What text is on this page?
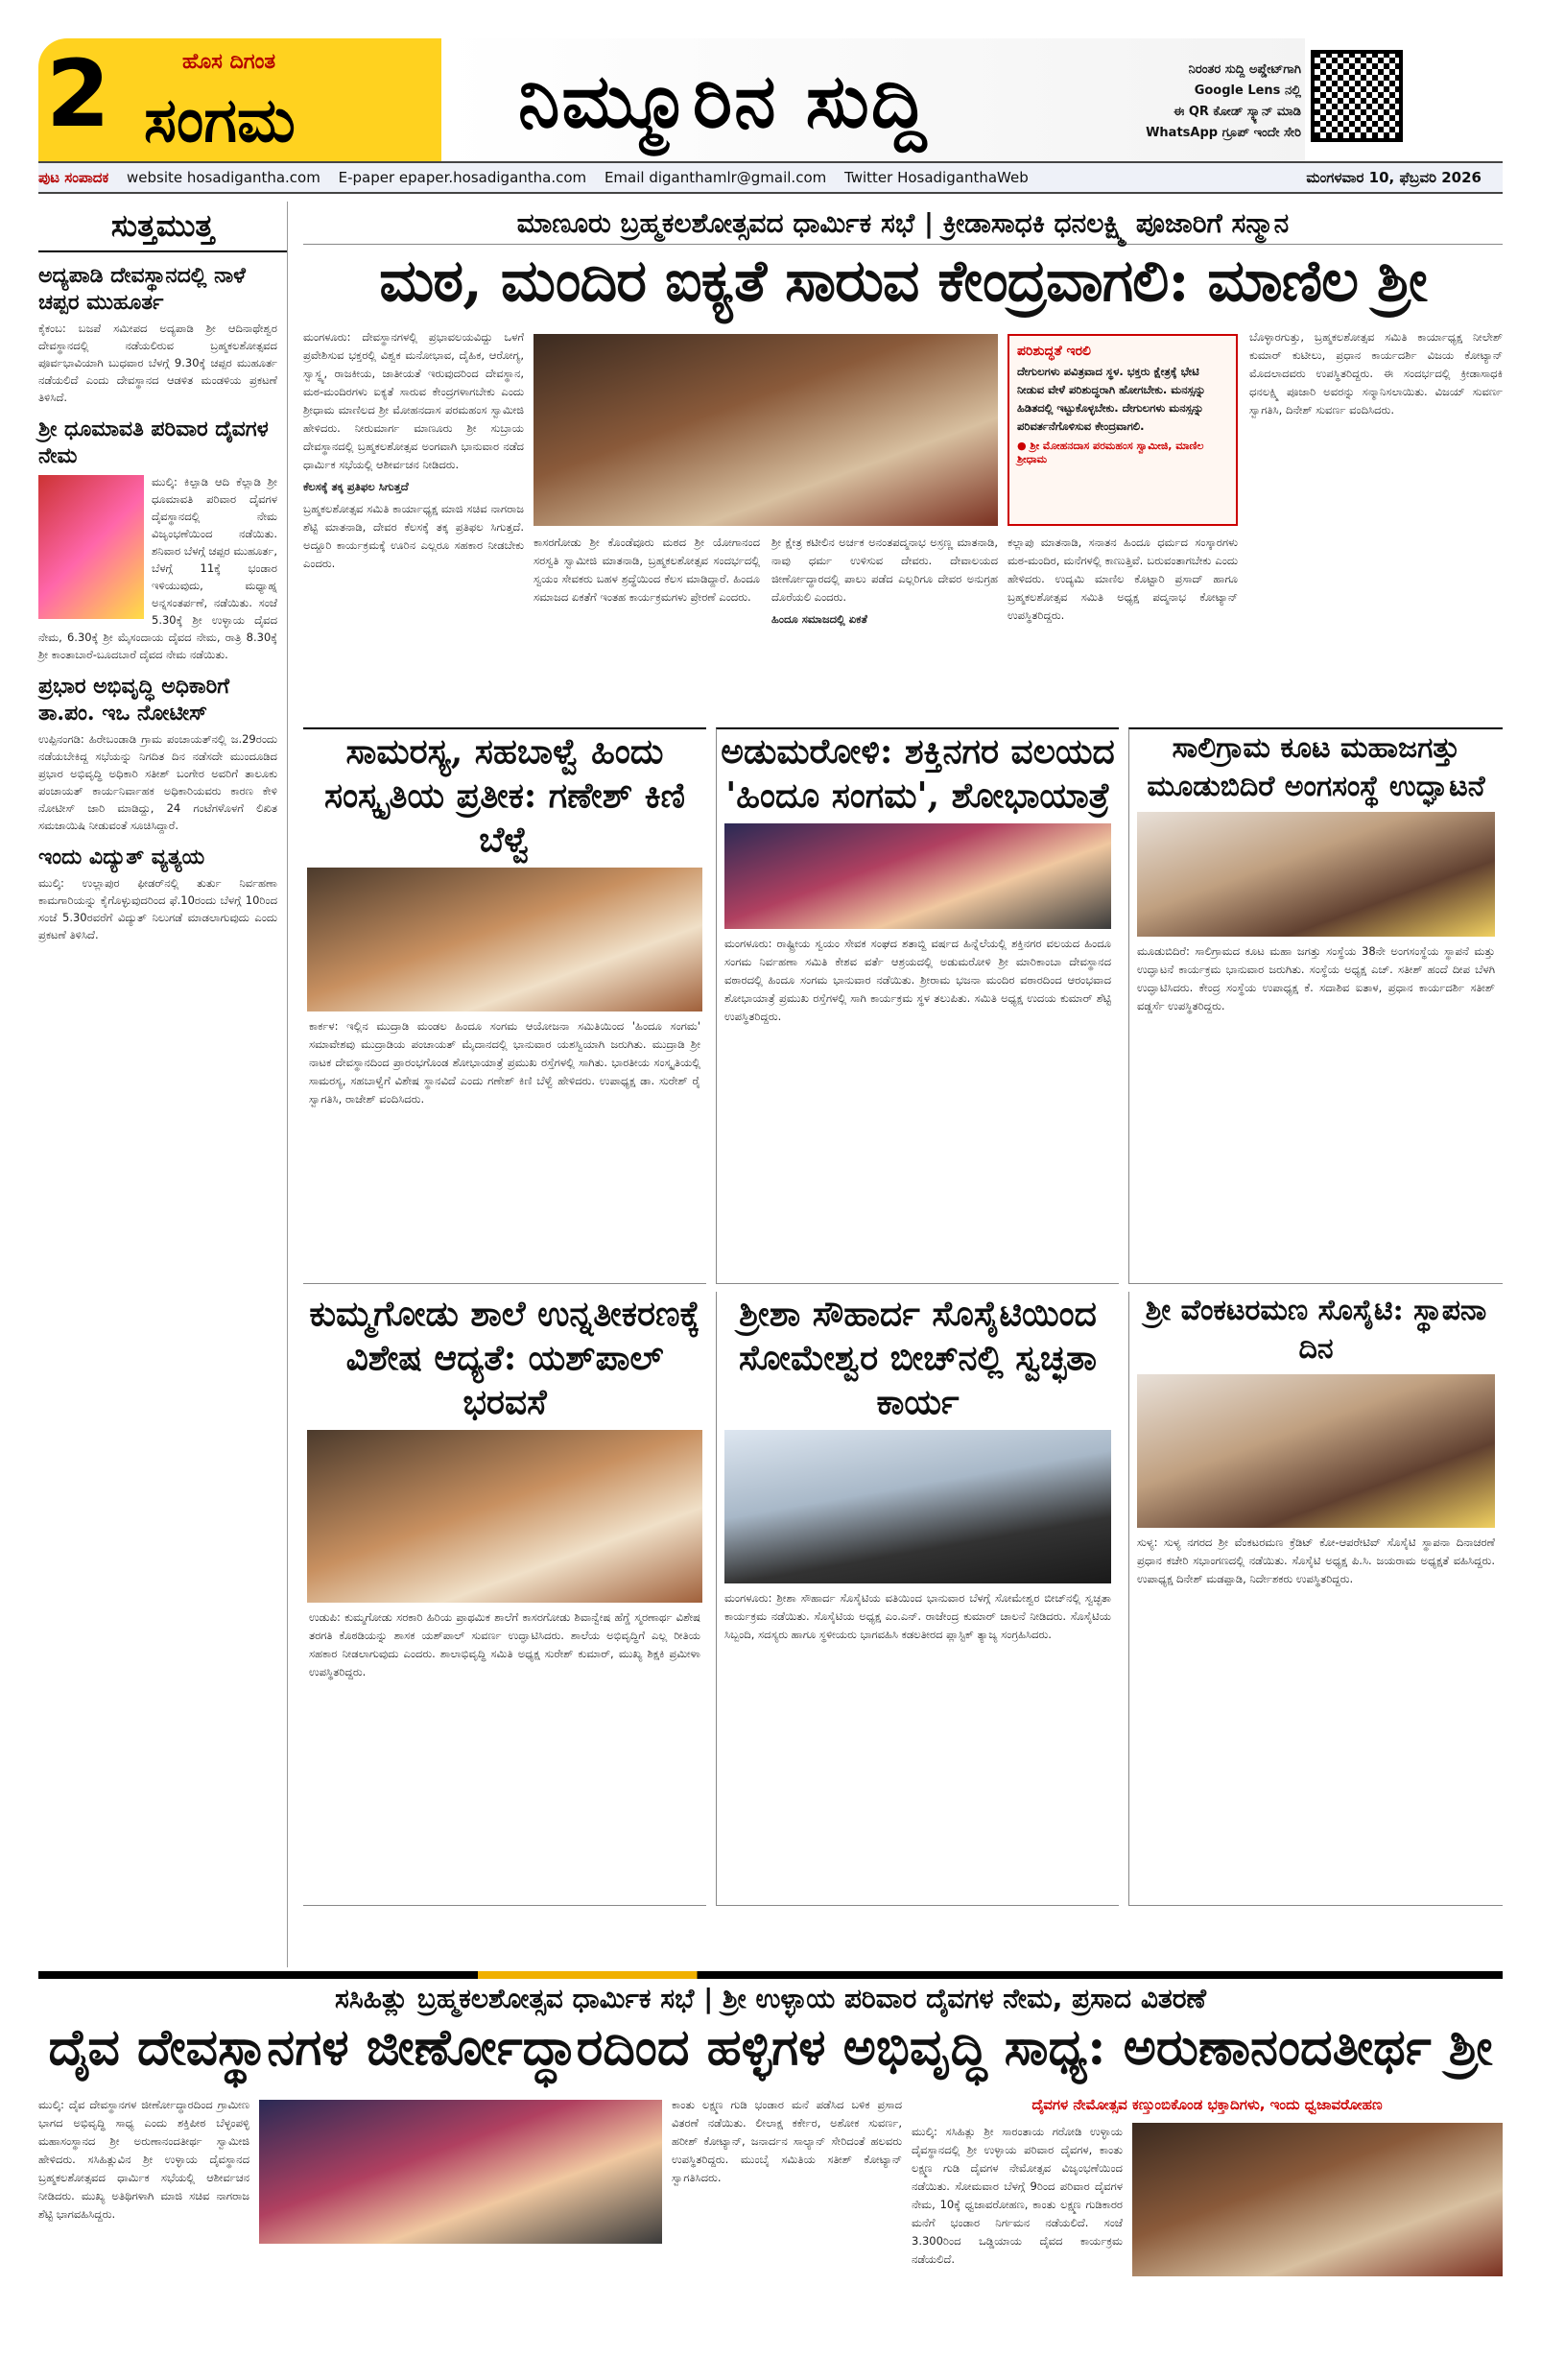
2	ಹೊಸ ದಿಗಂತ
ಸಂಗಮ	ನಿಮ್ಮೂರಿನ ಸುದ್ದಿ	ನಿರಂತರ ಸುದ್ದಿ ಅಪ್ಡೇಟ್‌ಗಾಗಿ
Google Lens ನಲ್ಲಿ
ಈ QR ಕೋಡ್ ಸ್ಕ್ಯಾನ್ ಮಾಡಿ
WhatsApp ಗ್ರೂಪ್ ಇಂದೇ ಸೇರಿ
ಪುಟ ಸಂಪಾದಕ website hosadigantha.com E-paper epaper.hosadigantha.com Email diganthamlr@gmail.com Twitter HosadiganthaWeb	ಮಂಗಳವಾರ 10, ಫೆಬ್ರವರಿ 2026
ಸುತ್ತಮುತ್ತ
ಅದ್ಯಪಾಡಿ ದೇವಸ್ಥಾನದಲ್ಲಿ ನಾಳೆ ಚಪ್ಪರ ಮುಹೂರ್ತ
ಕೈಕಂಬ: ಬಜಪೆ ಸಮೀಪದ ಅದ್ಯಪಾಡಿ ಶ್ರೀ ಆದಿನಾಥೇಶ್ವರ ದೇವಸ್ಥಾನದಲ್ಲಿ ನಡೆಯಲಿರುವ ಬ್ರಹ್ಮಕಲಶೋತ್ಸವದ ಪೂರ್ವಭಾವಿಯಾಗಿ ಬುಧವಾರ ಬೆಳಗ್ಗೆ 9.30ಕ್ಕೆ ಚಪ್ಪರ ಮುಹೂರ್ತ ನಡೆಯಲಿದೆ ಎಂದು ದೇವಸ್ಥಾನದ ಆಡಳಿತ ಮಂಡಳಿಯ ಪ್ರಕಟಣೆ ತಿಳಿಸಿದೆ.
ಶ್ರೀ ಧೂಮಾವತಿ ಪರಿವಾರ ದೈವಗಳ ನೇಮ
ಮುಲ್ಕಿ: ಕಿಲ್ಪಾಡಿ ಆದಿ ಕೆಲ್ಲಾಡಿ ಶ್ರೀ ಧೂಮಾವತಿ ಪರಿವಾರ ದೈವಗಳ ದೈವಸ್ಥಾನದಲ್ಲಿ ನೇಮ ವಿಜೃಂಭಣೆಯಿಂದ ನಡೆಯಿತು. ಶನಿವಾರ ಬೆಳಗ್ಗೆ ಚಪ್ಪರ ಮುಹೂರ್ತ, ಬೆಳಗ್ಗೆ 11ಕ್ಕೆ ಭಂಡಾರ ಇಳಿಯುವುದು, ಮಧ್ಯಾಹ್ನ ಅನ್ನಸಂತರ್ಪಣೆ, ನಡೆಯಿತು. ಸಂಜೆ 5.30ಕ್ಕೆ ಶ್ರೀ ಉಳ್ಳಾಯ ದೈವದ ನೇಮ, 6.30ಕ್ಕೆ ಶ್ರೀ ಮೈಸಂದಾಯ ದೈವದ ನೇಮ, ರಾತ್ರಿ 8.30ಕ್ಕೆ ಶ್ರೀ ಕಾಂತಾಬಾರೆ-ಬೂದಬಾರೆ ದೈವದ ನೇಮ ನಡೆಯಿತು.
ಪ್ರಭಾರ ಅಭಿವೃದ್ಧಿ ಅಧಿಕಾರಿಗೆ ತಾ.ಪಂ. ಇಒ ನೋಟೀಸ್
ಉಪ್ಪಿನಂಗಡಿ: ಹಿರೇಬಂಡಾಡಿ ಗ್ರಾಮ ಪಂಚಾಯತ್‌ನಲ್ಲಿ ಜ.29ರಂದು ನಡೆಯಬೇಕಿದ್ದ ಸಭೆಯನ್ನು ನಿಗದಿತ ದಿನ ನಡೆಸದೇ ಮುಂದೂಡಿದ ಪ್ರಭಾರ ಅಭಿವೃದ್ಧಿ ಅಧಿಕಾರಿ ಸತೀಶ್ ಬಂಗೇರ ಅವರಿಗೆ ತಾಲೂಕು ಪಂಚಾಯತ್ ಕಾರ್ಯನಿರ್ವಾಹಕ ಅಧಿಕಾರಿಯವರು ಕಾರಣ ಕೇಳಿ ನೋಟೀಸ್ ಜಾರಿ ಮಾಡಿದ್ದು, 24 ಗಂಟೆಗಳೊಳಗೆ ಲಿಖಿತ ಸಮಜಾಯಿಷಿ ನೀಡುವಂತೆ ಸೂಚಿಸಿದ್ದಾರೆ.
ಇಂದು ವಿದ್ಯುತ್ ವ್ಯತ್ಯಯ
ಮುಲ್ಕಿ: ಉಲ್ಲಾಪುರ ಫೀಡರ್‌ನಲ್ಲಿ ತುರ್ತು ನಿರ್ವಹಣಾ ಕಾಮಗಾರಿಯನ್ನು ಕೈಗೊಳ್ಳುವುದರಿಂದ ಫೆ.10ರಂದು ಬೆಳಗ್ಗೆ 10ರಿಂದ ಸಂಜೆ 5.30ರವರೆಗೆ ವಿದ್ಯುತ್ ನಿಲುಗಡೆ ಮಾಡಲಾಗುವುದು ಎಂದು ಪ್ರಕಟಣೆ ತಿಳಿಸಿದೆ.
ಮಾಣೂರು ಬ್ರಹ್ಮಕಲಶೋತ್ಸವದ ಧಾರ್ಮಿಕ ಸಭೆ | ಕ್ರೀಡಾಸಾಧಕಿ ಧನಲಕ್ಷ್ಮಿ ಪೂಜಾರಿಗೆ ಸನ್ಮಾನ
ಮಠ, ಮಂದಿರ ಐಕ್ಯತೆ ಸಾರುವ ಕೇಂದ್ರವಾಗಲಿ: ಮಾಣಿಲ ಶ್ರೀ
ಮಂಗಳೂರು: ದೇವಸ್ಥಾನಗಳಲ್ಲಿ ಪ್ರಭಾವಲಯವಿದ್ದು ಒಳಗೆ ಪ್ರವೇಶಿಸುವ ಭಕ್ತರಲ್ಲಿ ವಿಶ್ವಕ ಮನೋಭಾವ, ದೈಹಿಕ, ಆರೋಗ್ಯ, ಸ್ವಾಸ್ಥ್ಯ, ರಾಜಕೀಯ, ಜಾತೀಯತೆ ಇರುವುದರಿಂದ ದೇವಸ್ಥಾನ, ಮಠ-ಮಂದಿರಗಳು ಐಕ್ಯತೆ ಸಾರುವ ಕೇಂದ್ರಗಳಾಗಬೇಕು ಎಂದು ಶ್ರೀಧಾಮ ಮಾಣಿಲದ ಶ್ರೀ ಮೋಹನದಾಸ ಪರಮಹಂಸ ಸ್ವಾಮೀಜಿ ಹೇಳಿದರು. ನೀರುಮಾರ್ಗ ಮಾಣೂರು ಶ್ರೀ ಸುಬ್ರಾಯ ದೇವಸ್ಥಾನದಲ್ಲಿ ಬ್ರಹ್ಮಕಲಶೋತ್ಸವ ಅಂಗವಾಗಿ ಭಾನುವಾರ ನಡೆದ ಧಾರ್ಮಿಕ ಸಭೆಯಲ್ಲಿ ಆಶೀರ್ವಚನ ನೀಡಿದರು.
ಕೆಲಸಕ್ಕೆ ತಕ್ಕ ಪ್ರತಿಫಲ ಸಿಗುತ್ತದೆ
ಬ್ರಹ್ಮಕಲಶೋತ್ಸವ ಸಮಿತಿ ಕಾರ್ಯಾಧ್ಯಕ್ಷ ಮಾಜಿ ಸಚಿವ ನಾಗರಾಜ ಶೆಟ್ಟಿ ಮಾತನಾಡಿ, ದೇವರ ಕೆಲಸಕ್ಕೆ ತಕ್ಕ ಪ್ರತಿಫಲ ಸಿಗುತ್ತದೆ. ಅದ್ದೂರಿ ಕಾರ್ಯಕ್ರಮಕ್ಕೆ ಊರಿನ ಎಲ್ಲರೂ ಸಹಕಾರ ನೀಡಬೇಕು ಎಂದರು.
ಕಾಸರಗೋಡು ಶ್ರೀ ಕೊಂಡೆವೂರು ಮಠದ ಶ್ರೀ ಯೋಗಾನಂದ ಸರಸ್ವತಿ ಸ್ವಾಮೀಜಿ ಮಾತನಾಡಿ, ಬ್ರಹ್ಮಕಲಶೋತ್ಸವ ಸಂದರ್ಭದಲ್ಲಿ ಸ್ವಯಂ ಸೇವಕರು ಬಹಳ ಶ್ರದ್ಧೆಯಿಂದ ಕೆಲಸ ಮಾಡಿದ್ದಾರೆ. ಹಿಂದೂ ಸಮಾಜದ ಏಕತೆಗೆ ಇಂತಹ ಕಾರ್ಯಕ್ರಮಗಳು ಪ್ರೇರಣೆ ಎಂದರು.
ಶ್ರೀ ಕ್ಷೇತ್ರ ಕಟೀಲಿನ ಅರ್ಚಕ ಅನಂತಪದ್ಮನಾಭ ಅಸ್ರಣ್ಣ ಮಾತನಾಡಿ, ನಾವು ಧರ್ಮ ಉಳಿಸುವ ದೇವರು. ದೇವಾಲಯದ ಜೀರ್ಣೋದ್ಧಾರದಲ್ಲಿ ಪಾಲು ಪಡೆದ ಎಲ್ಲರಿಗೂ ದೇವರ ಅನುಗ್ರಹ ದೊರೆಯಲಿ ಎಂದರು.
ಹಿಂದೂ ಸಮಾಜದಲ್ಲಿ ಏಕತೆ
ಪರಿಶುದ್ಧತೆ ಇರಲಿ
ದೇಗುಲಗಳು ಪವಿತ್ರವಾದ ಸ್ಥಳ. ಭಕ್ತರು ಕ್ಷೇತ್ರಕ್ಕೆ ಭೇಟಿ ನೀಡುವ ವೇಳೆ ಪರಿಶುದ್ಧರಾಗಿ ಹೋಗಬೇಕು. ಮನಸ್ಸನ್ನು ಹಿಡಿತದಲ್ಲಿ ಇಟ್ಟುಕೊಳ್ಳಬೇಕು. ದೇಗುಲಗಳು ಮನಸ್ಸನ್ನು ಪರಿವರ್ತನೆಗೊಳಿಸುವ ಕೇಂದ್ರವಾಗಲಿ.
● ಶ್ರೀ ಮೋಹನದಾಸ ಪರಮಹಂಸ ಸ್ವಾಮೀಜಿ, ಮಾಣಿಲ ಶ್ರೀಧಾಮ
ಕಲ್ಲಾಪು ಮಾತನಾಡಿ, ಸನಾತನ ಹಿಂದೂ ಧರ್ಮದ ಸಂಸ್ಕಾರಗಳು ಮಠ-ಮಂದಿರ, ಮನೆಗಳಲ್ಲಿ ಕಾಣುತ್ತಿವೆ. ಬರುವಂತಾಗಬೇಕು ಎಂದು ಹೇಳಿದರು. ಉದ್ಯಮಿ ಮಾಣಿಲ ಕೊಟ್ಟಾರಿ ಪ್ರಸಾದ್ ಹಾಗೂ ಬ್ರಹ್ಮಕಲಶೋತ್ಸವ ಸಮಿತಿ ಅಧ್ಯಕ್ಷ ಪದ್ಮನಾಭ ಕೋಟ್ಯಾನ್ ಉಪಸ್ಥಿತರಿದ್ದರು.
ಬೊಳ್ಳಾರಗುತ್ತು, ಬ್ರಹ್ಮಕಲಶೋತ್ಸವ ಸಮಿತಿ ಕಾರ್ಯಾಧ್ಯಕ್ಷ ನೀಲೇಶ್ ಕುಮಾರ್ ಕುಟೀಲು, ಪ್ರಧಾನ ಕಾರ್ಯದರ್ಶಿ ವಿಜಯ ಕೋಟ್ಯಾನ್ ಮೊದಲಾದವರು ಉಪಸ್ಥಿತರಿದ್ದರು. ಈ ಸಂದರ್ಭದಲ್ಲಿ ಕ್ರೀಡಾಸಾಧಕಿ ಧನಲಕ್ಷ್ಮಿ ಪೂಜಾರಿ ಅವರನ್ನು ಸನ್ಮಾನಿಸಲಾಯಿತು. ವಿಜಯ್ ಸುವರ್ಣ ಸ್ವಾಗತಿಸಿ, ದಿನೇಶ್ ಸುವರ್ಣ ವಂದಿಸಿದರು.
ಸಾಮರಸ್ಯ, ಸಹಬಾಳ್ವೆ ಹಿಂದು ಸಂಸ್ಕೃತಿಯ ಪ್ರತೀಕ: ಗಣೇಶ್ ಕಿಣಿ ಬೆಳ್ವೆ
ಕಾರ್ಕಳ: ಇಲ್ಲಿನ ಮುದ್ರಾಡಿ ಮಂಡಲ ಹಿಂದೂ ಸಂಗಮ ಆಯೋಜನಾ ಸಮಿತಿಯಿಂದ 'ಹಿಂದೂ ಸಂಗಮ' ಸಮಾವೇಶವು ಮುದ್ರಾಡಿಯ ಪಂಚಾಯತ್ ಮೈದಾನದಲ್ಲಿ ಭಾನುವಾರ ಯಶಸ್ವಿಯಾಗಿ ಜರುಗಿತು. ಮುದ್ರಾಡಿ ಶ್ರೀ ನಾಟಕ ದೇವಸ್ಥಾನದಿಂದ ಪ್ರಾರಂಭಗೊಂಡ ಶೋಭಾಯಾತ್ರೆ ಪ್ರಮುಖ ರಸ್ತೆಗಳಲ್ಲಿ ಸಾಗಿತು. ಭಾರತೀಯ ಸಂಸ್ಕೃತಿಯಲ್ಲಿ ಸಾಮರಸ್ಯ, ಸಹಬಾಳ್ವೆಗೆ ವಿಶೇಷ ಸ್ಥಾನವಿದೆ ಎಂದು ಗಣೇಶ್ ಕಿಣಿ ಬೆಳ್ವೆ ಹೇಳಿದರು. ಉಪಾಧ್ಯಕ್ಷ ಡಾ. ಸುರೇಶ್ ರೈ ಸ್ವಾಗತಿಸಿ, ರಾಜೇಶ್ ವಂದಿಸಿದರು.
ಅಡುಮರೋಳಿ: ಶಕ್ತಿನಗರ ವಲಯದ 'ಹಿಂದೂ ಸಂಗಮ', ಶೋಭಾಯಾತ್ರೆ
ಮಂಗಳೂರು: ರಾಷ್ಟ್ರೀಯ ಸ್ವಯಂ ಸೇವಕ ಸಂಘದ ಶತಾಬ್ದಿ ವರ್ಷದ ಹಿನ್ನೆಲೆಯಲ್ಲಿ ಶಕ್ತಿನಗರ ವಲಯದ ಹಿಂದೂ ಸಂಗಮ ನಿರ್ವಹಣಾ ಸಮಿತಿ ಕೇಶವ ವರ್ತೆ ಆಶ್ರಯದಲ್ಲಿ ಅಡುಮರೋಳಿ ಶ್ರೀ ಮಾರಿಕಾಂಬಾ ದೇವಸ್ಥಾನದ ವಠಾರದಲ್ಲಿ ಹಿಂದೂ ಸಂಗಮ ಭಾನುವಾರ ನಡೆಯಿತು. ಶ್ರೀರಾಮ ಭಜನಾ ಮಂದಿರ ವಠಾರದಿಂದ ಆರಂಭವಾದ ಶೋಭಾಯಾತ್ರೆ ಪ್ರಮುಖ ರಸ್ತೆಗಳಲ್ಲಿ ಸಾಗಿ ಕಾರ್ಯಕ್ರಮ ಸ್ಥಳ ತಲುಪಿತು. ಸಮಿತಿ ಅಧ್ಯಕ್ಷ ಉದಯ ಕುಮಾರ್ ಶೆಟ್ಟಿ ಉಪಸ್ಥಿತರಿದ್ದರು.
ಸಾಲಿಗ್ರಾಮ ಕೂಟ ಮಹಾಜಗತ್ತು ಮೂಡುಬಿದಿರೆ ಅಂಗಸಂಸ್ಥೆ ಉದ್ಘಾಟನೆ
ಮೂಡುಬಿದಿರೆ: ಸಾಲಿಗ್ರಾಮದ ಕೂಟ ಮಹಾ ಜಗತ್ತು ಸಂಸ್ಥೆಯ 38ನೇ ಅಂಗಸಂಸ್ಥೆಯ ಸ್ಥಾಪನೆ ಮತ್ತು ಉದ್ಘಾಟನೆ ಕಾರ್ಯಕ್ರಮ ಭಾನುವಾರ ಜರುಗಿತು. ಸಂಸ್ಥೆಯ ಅಧ್ಯಕ್ಷ ಎಚ್. ಸತೀಶ್ ಹಂದೆ ದೀಪ ಬೆಳಗಿ ಉದ್ಘಾಟಿಸಿದರು. ಕೇಂದ್ರ ಸಂಸ್ಥೆಯ ಉಪಾಧ್ಯಕ್ಷ ಕೆ. ಸದಾಶಿವ ಐತಾಳ, ಪ್ರಧಾನ ಕಾರ್ಯದರ್ಶಿ ಸತೀಶ್ ವಡ್ಡರ್ಸೆ ಉಪಸ್ಥಿತರಿದ್ದರು.
ಕುಮ್ಮಗೋಡು ಶಾಲೆ ಉನ್ನತೀಕರಣಕ್ಕೆ ವಿಶೇಷ ಆದ್ಯತೆ: ಯಶ್‌ಪಾಲ್ ಭರವಸೆ
ಉಡುಪಿ: ಕುಮ್ಮಗೋಡು ಸರಕಾರಿ ಹಿರಿಯ ಪ್ರಾಥಮಿಕ ಶಾಲೆಗೆ ಕಾಸರಗೋಡು ಶಿವಾನ್ವೇಷ ಹೆಗ್ಡೆ ಸ್ಮರಣಾರ್ಥ ವಿಶೇಷ ತರಗತಿ ಕೊಠಡಿಯನ್ನು ಶಾಸಕ ಯಶ್‌ಪಾಲ್ ಸುವರ್ಣ ಉದ್ಘಾಟಿಸಿದರು. ಶಾಲೆಯ ಅಭಿವೃದ್ಧಿಗೆ ಎಲ್ಲ ರೀತಿಯ ಸಹಕಾರ ನೀಡಲಾಗುವುದು ಎಂದರು. ಶಾಲಾಭಿವೃದ್ಧಿ ಸಮಿತಿ ಅಧ್ಯಕ್ಷ ಸುರೇಶ್ ಕುಮಾರ್, ಮುಖ್ಯ ಶಿಕ್ಷಕಿ ಪ್ರಮೀಳಾ ಉಪಸ್ಥಿತರಿದ್ದರು.
ಶ್ರೀಶಾ ಸೌಹಾರ್ದ ಸೊಸೈಟಿಯಿಂದ ಸೋಮೇಶ್ವರ ಬೀಚ್‌ನಲ್ಲಿ ಸ್ವಚ್ಛತಾ ಕಾರ್ಯ
ಮಂಗಳೂರು: ಶ್ರೀಶಾ ಸೌಹಾರ್ದ ಸೊಸೈಟಿಯ ವತಿಯಿಂದ ಭಾನುವಾರ ಬೆಳಗ್ಗೆ ಸೋಮೇಶ್ವರ ಬೀಚ್‌ನಲ್ಲಿ ಸ್ವಚ್ಛತಾ ಕಾರ್ಯಕ್ರಮ ನಡೆಯಿತು. ಸೊಸೈಟಿಯ ಅಧ್ಯಕ್ಷ ಎಂ.ಎನ್. ರಾಜೇಂದ್ರ ಕುಮಾರ್ ಚಾಲನೆ ನೀಡಿದರು. ಸೊಸೈಟಿಯ ಸಿಬ್ಬಂದಿ, ಸದಸ್ಯರು ಹಾಗೂ ಸ್ಥಳೀಯರು ಭಾಗವಹಿಸಿ ಕಡಲತೀರದ ಪ್ಲಾಸ್ಟಿಕ್ ತ್ಯಾಜ್ಯ ಸಂಗ್ರಹಿಸಿದರು.
ಶ್ರೀ ವೆಂಕಟರಮಣ ಸೊಸೈಟಿ: ಸ್ಥಾಪನಾ ದಿನ
ಸುಳ್ಯ: ಸುಳ್ಯ ನಗರದ ಶ್ರೀ ವೆಂಕಟರಮಣ ಕ್ರೆಡಿಟ್ ಕೋ-ಆಪರೇಟಿವ್ ಸೊಸೈಟಿ ಸ್ಥಾಪನಾ ದಿನಾಚರಣೆ ಪ್ರಧಾನ ಕಚೇರಿ ಸಭಾಂಗಣದಲ್ಲಿ ನಡೆಯಿತು. ಸೊಸೈಟಿ ಅಧ್ಯಕ್ಷ ಪಿ.ಸಿ. ಜಯರಾಮ ಅಧ್ಯಕ್ಷತೆ ವಹಿಸಿದ್ದರು. ಉಪಾಧ್ಯಕ್ಷ ದಿನೇಶ್ ಮಡಪ್ಪಾಡಿ, ನಿರ್ದೇಶಕರು ಉಪಸ್ಥಿತರಿದ್ದರು.
ಸಸಿಹಿತ್ಲು ಬ್ರಹ್ಮಕಲಶೋತ್ಸವ ಧಾರ್ಮಿಕ ಸಭೆ | ಶ್ರೀ ಉಳ್ಳಾಯ ಪರಿವಾರ ದೈವಗಳ ನೇಮ, ಪ್ರಸಾದ ವಿತರಣೆ
ದೈವ ದೇವಸ್ಥಾನಗಳ ಜೀರ್ಣೋದ್ಧಾರದಿಂದ ಹಳ್ಳಿಗಳ ಅಭಿವೃದ್ಧಿ ಸಾಧ್ಯ: ಅರುಣಾನಂದತೀರ್ಥ ಶ್ರೀ
ಮುಲ್ಕಿ: ದೈವ ದೇವಸ್ಥಾನಗಳ ಜೀರ್ಣೋದ್ಧಾರದಿಂದ ಗ್ರಾಮೀಣ ಭಾಗದ ಅಭಿವೃದ್ಧಿ ಸಾಧ್ಯ ಎಂದು ಶಕ್ತಿಪೀಠ ಬೆಳ್ಳಂಪಳ್ಳಿ ಮಹಾಸಂಸ್ಥಾನದ ಶ್ರೀ ಅರುಣಾನಂದತೀರ್ಥ ಸ್ವಾಮೀಜಿ ಹೇಳಿದರು. ಸಸಿಹಿತ್ಲುವಿನ ಶ್ರೀ ಉಳ್ಳಾಯ ದೈವಸ್ಥಾನದ ಬ್ರಹ್ಮಕಲಶೋತ್ಸವದ ಧಾರ್ಮಿಕ ಸಭೆಯಲ್ಲಿ ಆಶೀರ್ವಚನ ನೀಡಿದರು. ಮುಖ್ಯ ಅತಿಥಿಗಳಾಗಿ ಮಾಜಿ ಸಚಿವ ನಾಗರಾಜ ಶೆಟ್ಟಿ ಭಾಗವಹಿಸಿದ್ದರು.
ಕಾಂತು ಲಕ್ಷ್ಮಣ ಗುಡಿ ಭಂಡಾರ ಮನೆ ಪಡೆಸಿದ ಬಳಿಕ ಪ್ರಸಾದ ವಿತರಣೆ ನಡೆಯಿತು. ಲೀಲಾಕ್ಷ ಕರ್ಕೇರ, ಅಶೋಕ ಸುವರ್ಣ, ಹರೀಶ್ ಕೋಟ್ಯಾನ್, ಜನಾರ್ದನ ಸಾಲ್ಯಾನ್ ಸೇರಿದಂತೆ ಹಲವರು ಉಪಸ್ಥಿತರಿದ್ದರು. ಮುಂಬೈ ಸಮಿತಿಯ ಸತೀಶ್ ಕೋಟ್ಯಾನ್ ಸ್ವಾಗತಿಸಿದರು.
ದೈವಗಳ ನೇಮೋತ್ಸವ ಕಣ್ತುಂಬಿಕೊಂಡ ಭಕ್ತಾದಿಗಳು, ಇಂದು ಧ್ವಜಾವರೋಹಣ
ಮುಲ್ಕಿ: ಸಸಿಹಿತ್ಲು ಶ್ರೀ ಸಾರಂತಾಯ ಗರೋಡಿ ಉಳ್ಳಾಯ ದೈವಸ್ಥಾನದಲ್ಲಿ ಶ್ರೀ ಉಳ್ಳಾಯ ಪರಿವಾರ ದೈವಗಳ, ಕಾಂತು ಲಕ್ಷ್ಮಣ ಗುಡಿ ದೈವಗಳ ನೇಮೋತ್ಸವ ವಿಜೃಂಭಣೆಯಿಂದ ನಡೆಯಿತು. ಸೋಮವಾರ ಬೆಳಗ್ಗೆ 9ರಿಂದ ಪರಿವಾರ ದೈವಗಳ ನೇಮ, 10ಕ್ಕೆ ಧ್ವಜಾವರೋಹಣ, ಕಾಂತು ಲಕ್ಷ್ಮಣ ಗುಡಿಕಾರರ ಮನೆಗೆ ಭಂಡಾರ ನಿರ್ಗಮನ ನಡೆಯಲಿದೆ. ಸಂಜೆ 3.300ರಿಂದ ಒಡ್ಡಿಯಾಯ ದೈವದ ಕಾರ್ಯಕ್ರಮ ನಡೆಯಲಿದೆ.
